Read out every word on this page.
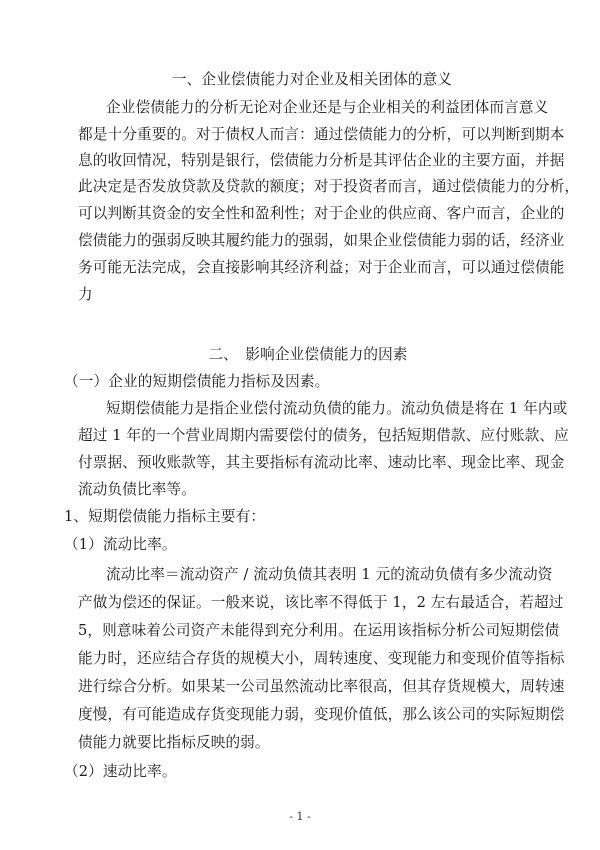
一、企业偿债能力对企业及相关团体的意义
企业偿债能力的分析无论对企业还是与企业相关的利益团体而言意义
都是十分重要的。对于债权人而言：通过偿债能力的分析，可以判断到期本
息的收回情况，特别是银行，偿债能力分析是其评估企业的主要方面，并据
此决定是否发放贷款及贷款的额度；对于投资者而言，通过偿债能力的分析，
可以判断其资金的安全性和盈利性；对于企业的供应商、客户而言，企业的
偿债能力的强弱反映其履约能力的强弱，如果企业偿债能力弱的话，经济业
务可能无法完成，会直接影响其经济利益；对于企业而言，可以通过偿债能
力
二、　影响企业偿债能力的因素
（一）企业的短期偿债能力指标及因素。
短期偿债能力是指企业偿付流动负债的能力。流动负债是将在 1 年内或
超过 1 年的一个营业周期内需要偿付的债务，包括短期借款、应付账款、应
付票据、预收账款等，其主要指标有流动比率、速动比率、现金比率、现金
流动负债比率等。
1、短期偿债能力指标主要有：
（1）流动比率。
流动比率＝流动资产 / 流动负债其表明 1 元的流动负债有多少流动资
产做为偿还的保证。一般来说，该比率不得低于 1，2 左右最适合，若超过
5，则意味着公司资产未能得到充分利用。在运用该指标分析公司短期偿债
能力时，还应结合存货的规模大小，周转速度、变现能力和变现价值等指标
进行综合分析。如果某一公司虽然流动比率很高，但其存货规模大，周转速
度慢，有可能造成存货变现能力弱，变现价值低，那么该公司的实际短期偿
债能力就要比指标反映的弱。
（2）速动比率。
- 1 -
